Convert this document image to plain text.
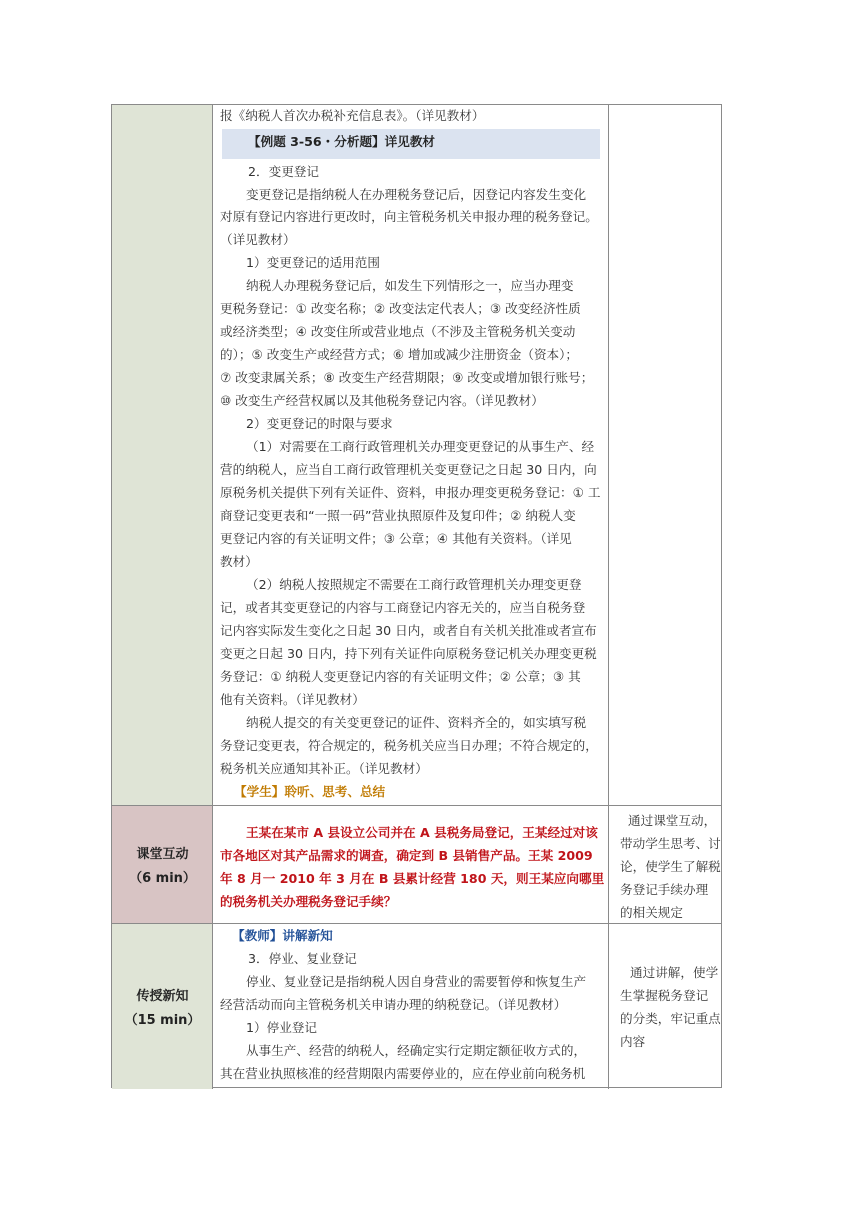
报《纳税人首次办税补充信息表》。（详见教材）
【例题 3-56・分析题】详见教材
2．变更登记
变更登记是指纳税人在办理税务登记后，因登记内容发生变化
对原有登记内容进行更改时，向主管税务机关申报办理的税务登记。
（详见教材）
1）变更登记的适用范围
纳税人办理税务登记后，如发生下列情形之一，应当办理变
更税务登记：① 改变名称；② 改变法定代表人；③ 改变经济性质
或经济类型；④ 改变住所或营业地点（不涉及主管税务机关变动
的）；⑤ 改变生产或经营方式；⑥ 增加或减少注册资金（资本）；
⑦ 改变隶属关系；⑧ 改变生产经营期限；⑨ 改变或增加银行账号；
⑩ 改变生产经营权属以及其他税务登记内容。（详见教材）
2）变更登记的时限与要求
（1）对需要在工商行政管理机关办理变更登记的从事生产、经
营的纳税人，应当自工商行政管理机关变更登记之日起 30 日内，向
原税务机关提供下列有关证件、资料，申报办理变更税务登记：① 工
商登记变更表和“一照一码”营业执照原件及复印件；② 纳税人变
更登记内容的有关证明文件；③ 公章；④ 其他有关资料。（详见
教材）
（2）纳税人按照规定不需要在工商行政管理机关办理变更登
记，或者其变更登记的内容与工商登记内容无关的，应当自税务登
记内容实际发生变化之日起 30 日内，或者自有关机关批准或者宣布
变更之日起 30 日内，持下列有关证件向原税务登记机关办理变更税
务登记：① 纳税人变更登记内容的有关证明文件；② 公章；③ 其
他有关资料。（详见教材）
纳税人提交的有关变更登记的证件、资料齐全的，如实填写税
务登记变更表，符合规定的，税务机关应当日办理；不符合规定的，
税务机关应通知其补正。（详见教材）
【学生】聆听、思考、总结
课堂互动
（6 min）
王某在某市 A 县设立公司并在 A 县税务局登记，王某经过对该
市各地区对其产品需求的调查，确定到 B 县销售产品。王某 2009
年 8 月一 2010 年 3 月在 B 县累计经营 180 天，则王某应向哪里
的税务机关办理税务登记手续？
通过课堂互动，
带动学生思考、讨
论，使学生了解税
务登记手续办理
的相关规定
传授新知
（15 min）
【教师】讲解新知
3．停业、复业登记
停业、复业登记是指纳税人因自身营业的需要暂停和恢复生产
经营活动而向主管税务机关申请办理的纳税登记。（详见教材）
1）停业登记
从事生产、经营的纳税人，经确定实行定期定额征收方式的，
其在营业执照核准的经营期限内需要停业的，应在停业前向税务机
通过讲解，使学
生掌握税务登记
的分类，牢记重点
内容
